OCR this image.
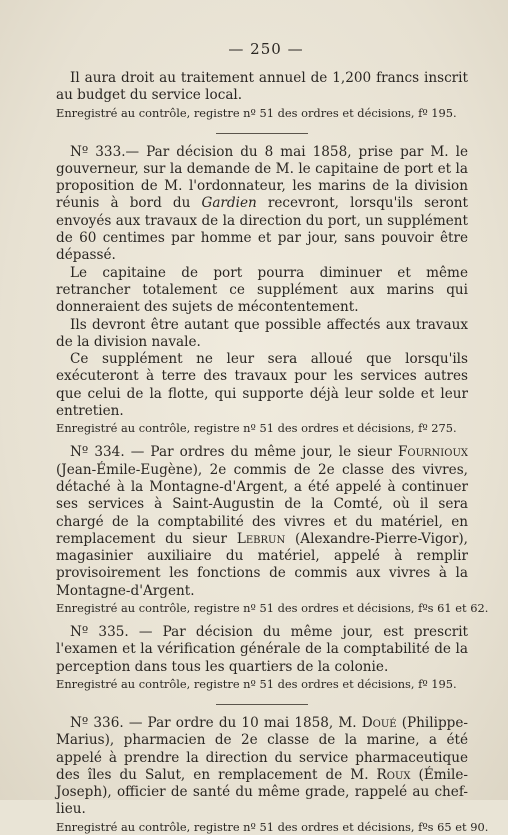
— 250 —

Il aura droit au traitement annuel de 1,200 francs inscrit au budget du service local.

Enregistré au contrôle, registre nº 51 des ordres et décisions, fº 195.

Nº 333.— Par décision du 8 mai 1858, prise par M. le gouverneur, sur la demande de M. le capitaine de port et la proposition de M. l'ordonnateur, les marins de la division réunis à bord du Gardien recevront, lorsqu'ils seront envoyés aux travaux de la direction du port, un supplément de 60 centimes par homme et par jour, sans pouvoir être dépassé.

Le capitaine de port pourra diminuer et même retrancher totalement ce supplément aux marins qui donneraient des sujets de mécontentement.

Ils devront être autant que possible affectés aux travaux de la division navale.

Ce supplément ne leur sera alloué que lorsqu'ils exécuteront à terre des travaux pour les services autres que celui de la flotte, qui supporte déjà leur solde et leur entretien.

Enregistré au contrôle, registre nº 51 des ordres et décisions, fº 275.

Nº 334. — Par ordres du même jour, le sieur Fournioux (Jean-Émile-Eugène), 2e commis de 2e classe des vivres, détaché à la Montagne-d'Argent, a été appelé à continuer ses services à Saint-Augustin de la Comté, où il sera chargé de la comptabilité des vivres et du matériel, en remplacement du sieur Lebrun (Alexandre-Pierre-Vigor), magasinier auxiliaire du matériel, appelé à remplir provisoirement les fonctions de commis aux vivres à la Montagne-d'Argent.

Enregistré au contrôle, registre nº 51 des ordres et décisions, fºs 61 et 62.

Nº 335. — Par décision du même jour, est prescrit l'examen et la vérification générale de la comptabilité de la perception dans tous les quartiers de la colonie.

Enregistré au contrôle, registre nº 51 des ordres et décisions, fº 195.

Nº 336. — Par ordre du 10 mai 1858, M. Doué (Philippe-Marius), pharmacien de 2e classe de la marine, a été appelé à prendre la direction du service pharmaceutique des îles du Salut, en remplacement de M. Roux (Émile-Joseph), officier de santé du même grade, rappelé au chef-lieu.

Enregistré au contrôle, registre nº 51 des ordres et décisions, fºs 65 et 90.
